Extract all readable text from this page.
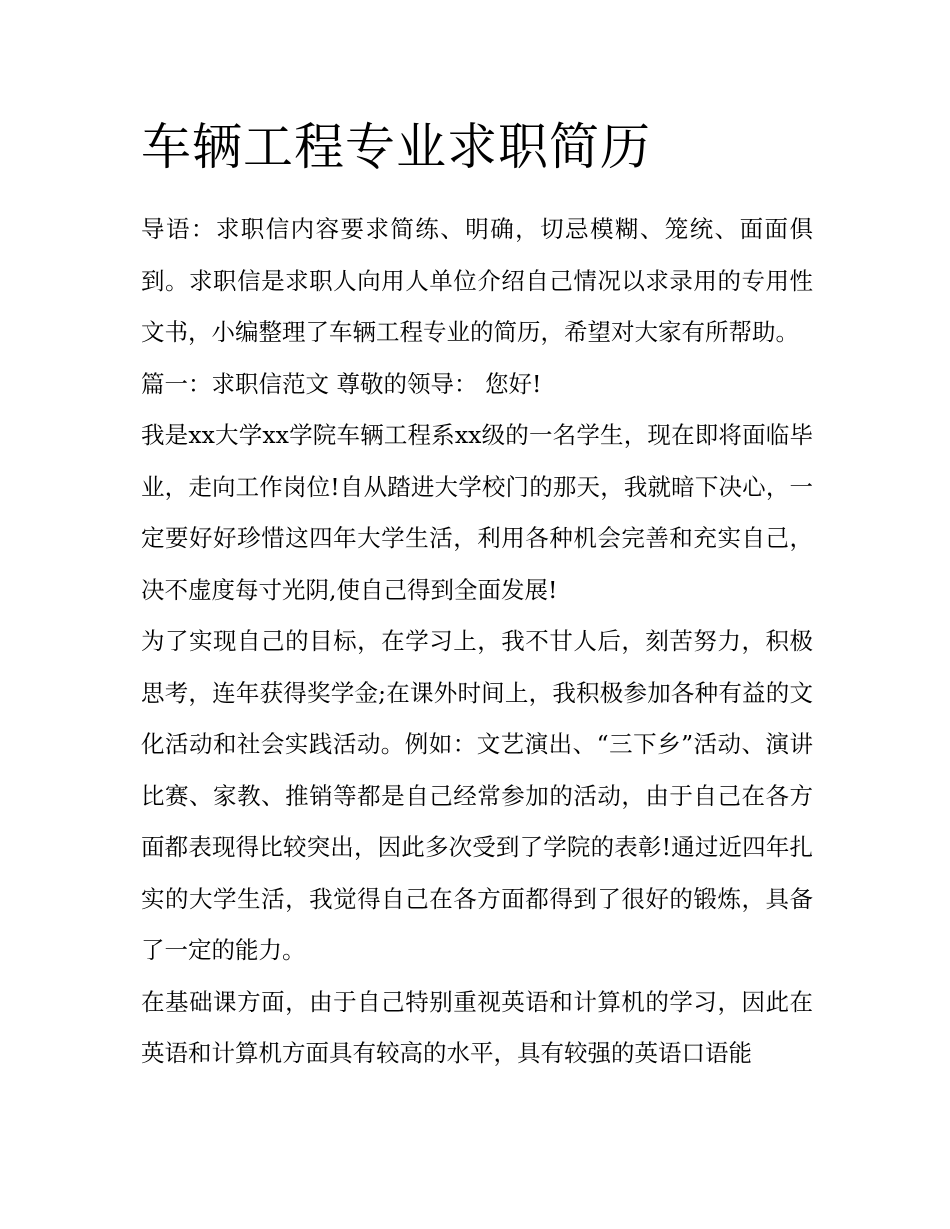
车辆工程专业求职简历

导语：求职信内容要求简练、明确，切忌模糊、笼统、面面俱到。求职信是求职人向用人单位介绍自己情况以求录用的专用性文书，小编整理了车辆工程专业的简历，希望对大家有所帮助。

篇一：求职信范文 尊敬的领导： 您好!

我是xx大学xx学院车辆工程系xx级的一名学生，现在即将面临毕业，走向工作岗位!自从踏进大学校门的那天，我就暗下决心，一定要好好珍惜这四年大学生活，利用各种机会完善和充实自己，决不虚度每寸光阴,使自己得到全面发展!

为了实现自己的目标，在学习上，我不甘人后，刻苦努力，积极思考，连年获得奖学金;在课外时间上，我积极参加各种有益的文化活动和社会实践活动。例如：文艺演出、“三下乡”活动、演讲比赛、家教、推销等都是自己经常参加的活动，由于自己在各方面都表现得比较突出，因此多次受到了学院的表彰!通过近四年扎实的大学生活，我觉得自己在各方面都得到了很好的锻炼，具备了一定的能力。

在基础课方面，由于自己特别重视英语和计算机的学习，因此在英语和计算机方面具有较高的水平，具有较强的英语口语能
